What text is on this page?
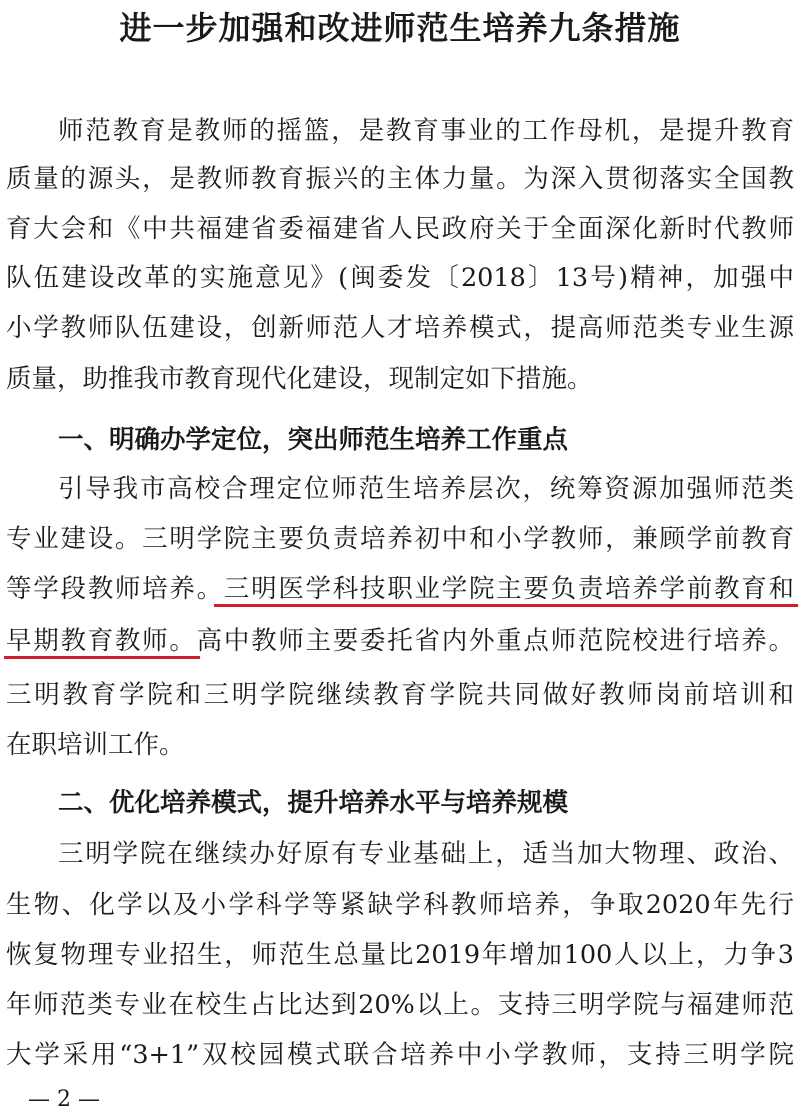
进一步加强和改进师范生培养九条措施
师范教育是教师的摇篮，是教育事业的工作母机，是提升教育
质量的源头，是教师教育振兴的主体力量。为深入贯彻落实全国教
育大会和《中共福建省委福建省人民政府关于全面深化新时代教师
队伍建设改革的实施意见》(闽委发〔2018〕13号)精神，加强中
小学教师队伍建设，创新师范人才培养模式，提高师范类专业生源
质量，助推我市教育现代化建设，现制定如下措施。
一、明确办学定位，突出师范生培养工作重点
引导我市高校合理定位师范生培养层次，统筹资源加强师范类
专业建设。三明学院主要负责培养初中和小学教师，兼顾学前教育
等学段教师培养。三明医学科技职业学院主要负责培养学前教育和
早期教育教师。高中教师主要委托省内外重点师范院校进行培养。
三明教育学院和三明学院继续教育学院共同做好教师岗前培训和
在职培训工作。
二、优化培养模式，提升培养水平与培养规模
三明学院在继续办好原有专业基础上，适当加大物理、政治、
生物、化学以及小学科学等紧缺学科教师培养，争取2020年先行
恢复物理专业招生，师范生总量比2019年增加100人以上，力争3
年师范类专业在校生占比达到20%以上。支持三明学院与福建师范
大学采用“3+1”双校园模式联合培养中小学教师，支持三明学院
— 2 —
